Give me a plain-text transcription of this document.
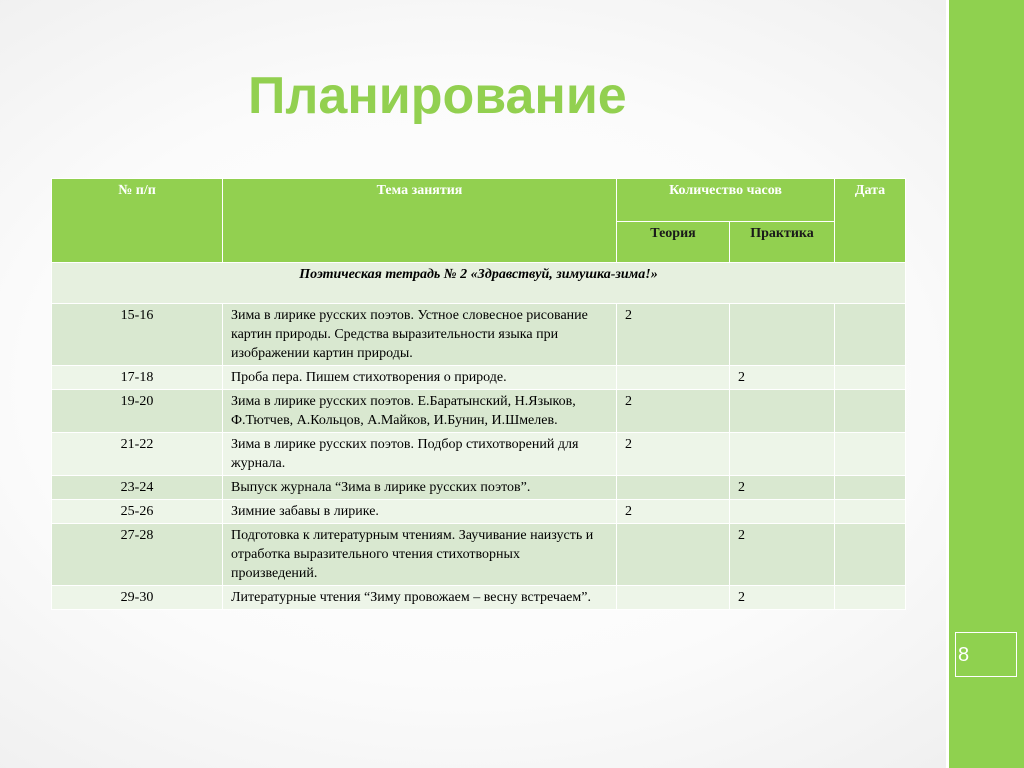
8
Планирование
№ п/п	Тема занятия	Количество часов		Дата
		Теория	Практика	
Поэтическая тетрадь № 2 «Здравствуй, зимушка-зима!»				
15-16	Зима в лирике русских поэтов. Устное словесное рисование картин природы. Средства выразительности языка при изображении картин природы.	2		
17-18	Проба пера. Пишем стихотворения о природе.		2	
19-20	Зима в лирике русских поэтов. Е.Баратынский, Н.Языков, Ф.Тютчев, А.Кольцов, А.Майков, И.Бунин, И.Шмелев.	2		
21-22	Зима в лирике русских поэтов. Подбор стихотворений для журнала.	2		
23-24	Выпуск журнала “Зима в лирике русских поэтов”.		2	
25-26	Зимние забавы в лирике.	2		
27-28	Подготовка к литературным чтениям. Заучивание наизусть и отработка выразительного чтения стихотворных произведений.		2	
29-30	Литературные чтения “Зиму провожаем – весну встречаем”.		2	
